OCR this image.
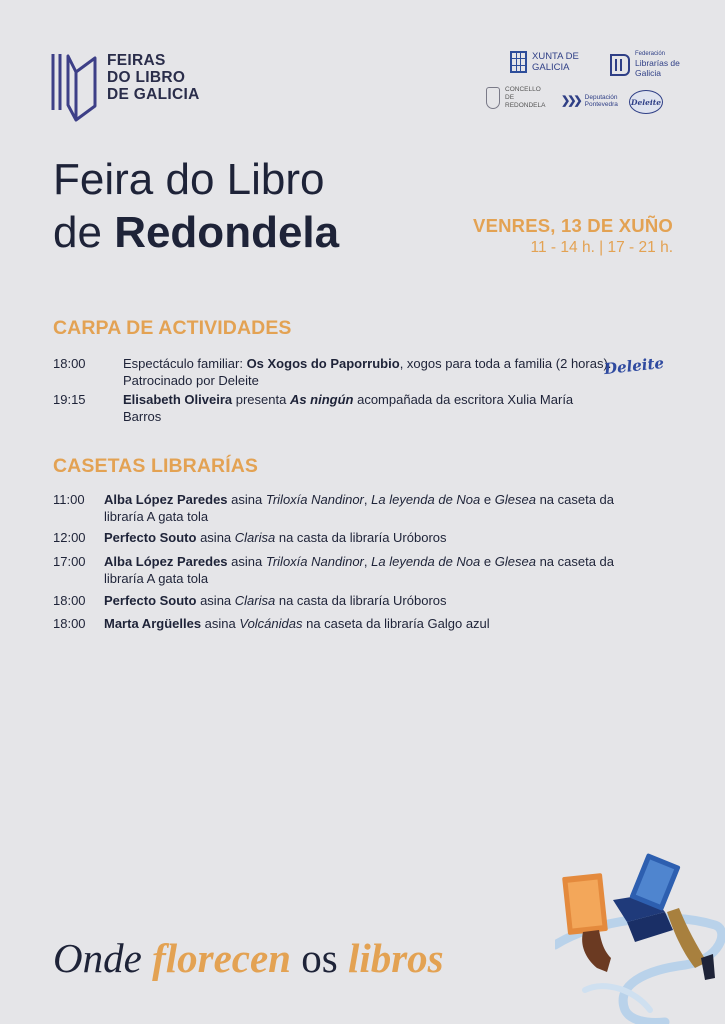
FEIRAS
DO LIBRO
DE GALICIA
XUNTA DE GALICIA
Federación
Librarías de Galicia
CONCELLO DE REDONDELA	❯❯❯ Deputación Pontevedra	Deleite
Feira do Libro
de Redondela	VENRES, 13 DE XUÑO
11 - 14 h. | 17 - 21 h.
CARPA DE ACTIVIDADES
18:00	Espectáculo familiar: Os Xogos do Paporrubio, xogos para toda a familia (2 horas).
Patrocinado por Deleite
Deleite
19:15	Elisabeth Oliveira presenta As ningún acompañada da escritora Xulia María
Barros
CASETAS LIBRARÍAS
11:00	Alba López Paredes asina Triloxía Nandinor, La leyenda de Noa e Glesea na caseta da
libraría A gata tola
12:00	Perfecto Souto asina Clarisa na casta da libraría Uróboros
17:00	Alba López Paredes asina Triloxía Nandinor, La leyenda de Noa e Glesea na caseta da
libraría A gata tola
18:00	Perfecto Souto asina Clarisa na casta da libraría Uróboros
18:00	Marta Argüelles asina Volcánidas na caseta da libraría Galgo azul
Onde florecen os libros
